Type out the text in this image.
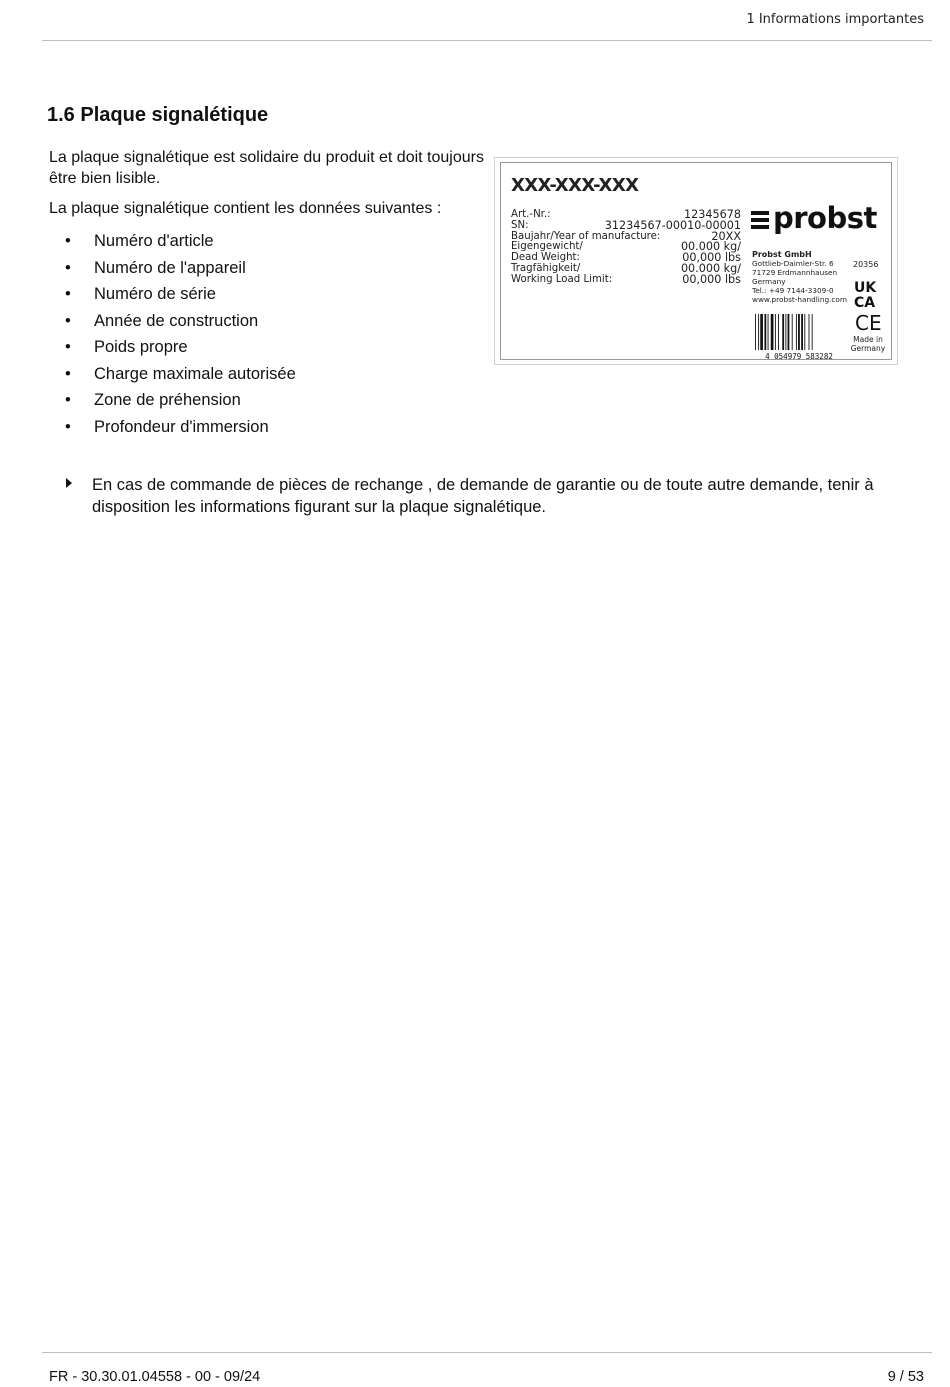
1 Informations importantes
1.6 Plaque signalétique

La plaque signalétique est solidaire du produit et doit toujours être bien lisible.

La plaque signalétique contient les données suivantes :

• Numéro d'article
• Numéro de l'appareil
• Numéro de série
• Année de construction
• Poids propre
• Charge maximale autorisée
• Zone de préhension
• Profondeur d'immersion
En cas de commande de pièces de rechange , de demande de garantie ou de toute autre demande, tenir à disposition les informations figurant sur la plaque signalétique.
XXX-XXX-XXX
Art.-Nr.:	12345678
SN:	31234567-00010-00001
Baujahr/Year of manufacture:	20XX
Eigengewicht/	00.000 kg/
Dead Weight:	00,000 lbs
Tragfähigkeit/	00.000 kg/
Working Load Limit:	00,000 lbs
probst
Probst GmbH
Gottlieb-Daimler-Str. 6
71729 Erdmannhausen
Germany
Tel.: +49 7144-3309-0
www.probst-handling.com
20356
UK
CA
CE
Made in
Germany
4 054979 583282
FR - 30.30.01.04558 - 00 - 09/24	9 / 53
